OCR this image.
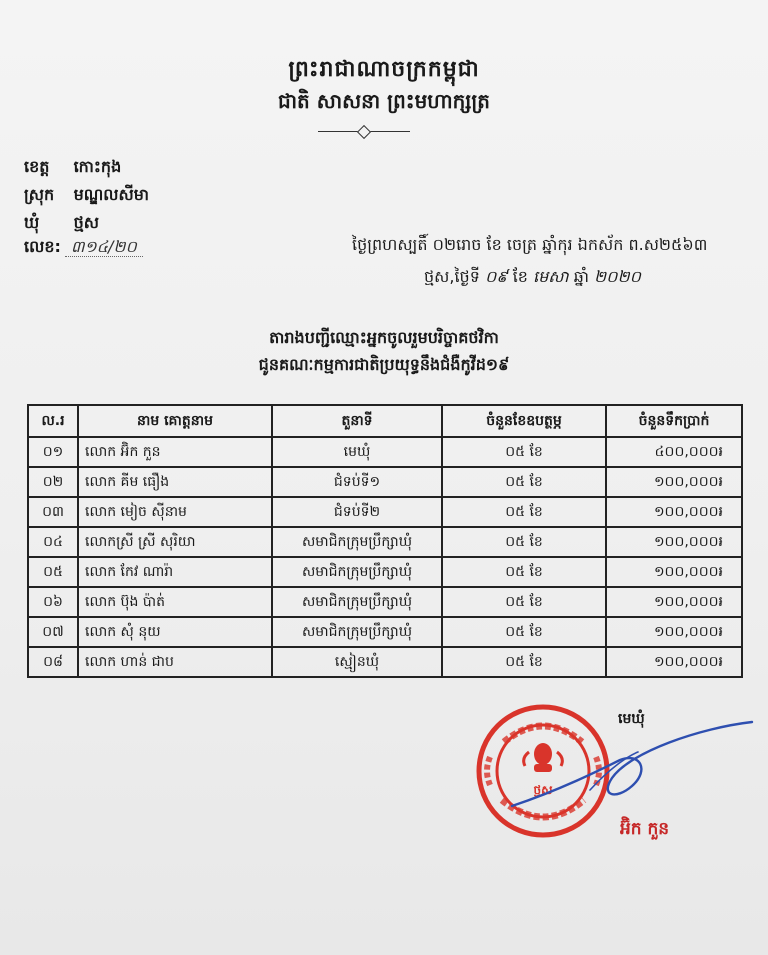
ព្រះរាជាណាចក្រកម្ពុជា
ជាតិ សាសនា ព្រះមហាក្សត្រ
ខេត្ត កោះកុង
ស្រុក មណ្ឌលសីមា
ឃុំ ថ្មស
លេខ: ៣១៤/២០	ថ្ងៃព្រហស្បតិ៍ ០២រោច ខែ ចេត្រ ឆ្នាំកុរ ឯកស័ក ព.ស២៥៦៣
ថ្មស,ថ្ងៃទី ០៩ ខែ មេសា ឆ្នាំ ២០២០
តារាងបញ្ជីឈ្មោះអ្នកចូលរួមបរិច្ចាគថវិកា
ជូនគណៈកម្មការជាតិប្រយុទ្ធនឹងជំងឺកូវីដ១៩
ល.រ	នាម គោត្តនាម	តួនាទី	ចំនួនខែឧបត្ថម្ភ	ចំនួនទឹកប្រាក់
០១	លោក អ៊ិក កួន	មេឃុំ	០៥ ខែ	៤០០,០០០៛
០២	លោក គីម ធឿង	ជំទប់ទី១	០៥ ខែ	១០០,០០០៛
០៣	លោក មៀច ស៊ីនាម	ជំទប់ទី២	០៥ ខែ	១០០,០០០៛
០៤	លោកស្រី ស្រី សុរិយា	សមាជិកក្រុមប្រឹក្សាឃុំ	០៥ ខែ	១០០,០០០៛
០៥	លោក កែវ ណារ៉ា	សមាជិកក្រុមប្រឹក្សាឃុំ	០៥ ខែ	១០០,០០០៛
០៦	លោក ប៊ុង ប៉ាត់	សមាជិកក្រុមប្រឹក្សាឃុំ	០៥ ខែ	១០០,០០០៛
០៧	លោក សុំ នុយ	សមាជិកក្រុមប្រឹក្សាឃុំ	០៥ ខែ	១០០,០០០៛
០៨	លោក ហាន់ ជាប	ស្មៀនឃុំ	០៥ ខែ	១០០,០០០៛
ថ្មស
មេឃុំ
អ៊ិក កួន
